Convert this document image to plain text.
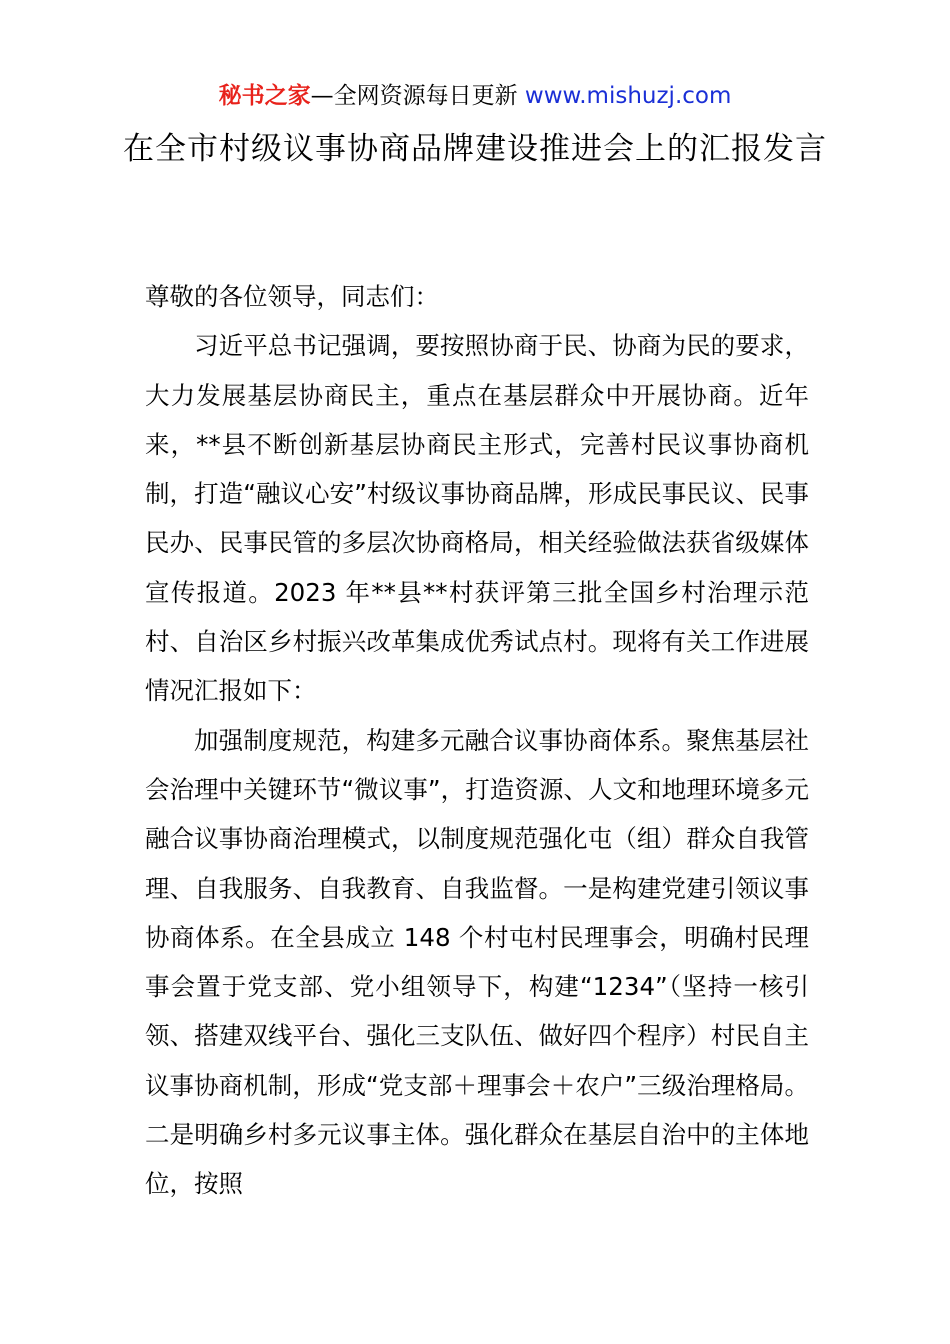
秘书之家—全网资源每日更新 www.mishuzj.com
在全市村级议事协商品牌建设推进会上的汇报发言

尊敬的各位领导，同志们：

习近平总书记强调，要按照协商于民、协商为民的要求，大力发展基层协商民主，重点在基层群众中开展协商。近年来，**县不断创新基层协商民主形式，完善村民议事协商机制，打造“融议心安”村级议事协商品牌，形成民事民议、民事民办、民事民管的多层次协商格局，相关经验做法获省级媒体宣传报道。2023 年**县**村获评第三批全国乡村治理示范村、自治区乡村振兴改革集成优秀试点村。现将有关工作进展情况汇报如下：

加强制度规范，构建多元融合议事协商体系。聚焦基层社会治理中关键环节“微议事”，打造资源、人文和地理环境多元融合议事协商治理模式，以制度规范强化屯（组）群众自我管理、自我服务、自我教育、自我监督。一是构建党建引领议事协商体系。在全县成立 148 个村屯村民理事会，明确村民理事会置于党支部、党小组领导下，构建“1234”（坚持一核引领、搭建双线平台、强化三支队伍、做好四个程序）村民自主议事协商机制，形成“党支部＋理事会＋农户”三级治理格局。二是明确乡村多元议事主体。强化群众在基层自治中的主体地位，按照
